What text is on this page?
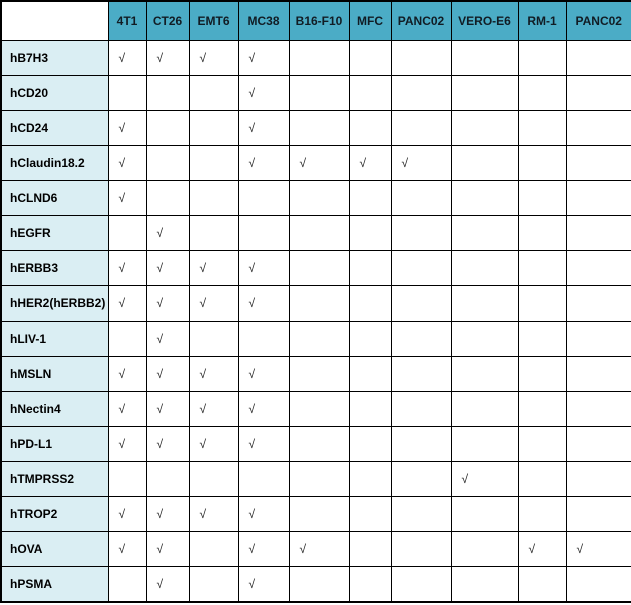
	4T1	CT26	EMT6	MC38	B16-F10	MFC	PANC02	VERO-E6	RM-1	PANC02
hB7H3	√	√	√	√						
hCD20				√						
hCD24	√			√						
hClaudin18.2	√			√	√	√	√			
hCLND6	√									
hEGFR		√								
hERBB3	√	√	√	√						
hHER2(hERBB2)	√	√	√	√						
hLIV-1		√								
hMSLN	√	√	√	√						
hNectin4	√	√	√	√						
hPD-L1	√	√	√	√						
hTMPRSS2								√		
hTROP2	√	√	√	√						
hOVA	√	√		√	√				√	√
hPSMA		√		√						
